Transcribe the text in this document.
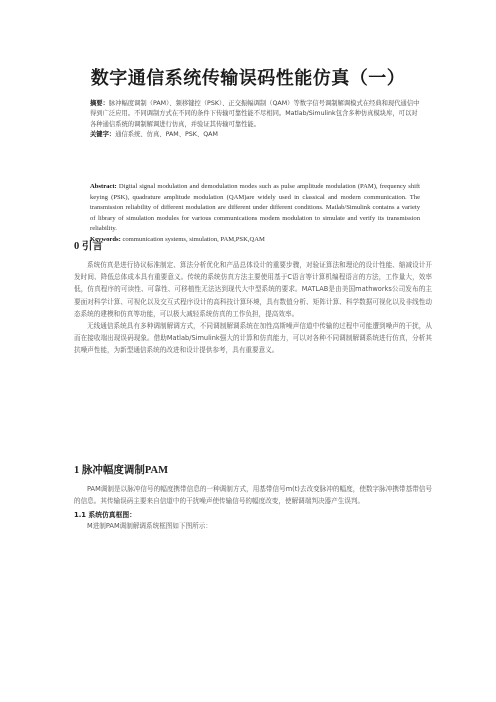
数字通信系统传输误码性能仿真（一）
摘要：脉冲幅度调制（PAM）、频移键控（PSK）、正交振幅调制（QAM）等数字信号调制解调模式在经典和现代通信中得到广泛应用。不同调制方式在不同的条件下传输可靠性能不尽相同。Matlab/Simulink包含多种仿真模块库，可以对各种通信系统的调制解调进行仿真，并验证其传输可靠性能。
关键字：通信系统、仿真、PAM、PSK、QAM
Abstract: Digital signal modulation and demodulation modes such as pulse amplitude modulation (PAM), frequency shift keying (PSK), quadrature amplitude modulation (QAM)are widely used in classical and modern communication. The transmission reliability of different modulation are different under different conditions. Matlab/Simulink contains a variety of library of simulation modules for various communications modem modulation to simulate and verify its transmission reliability.
Keywords: communication systems, simulation, PAM,PSK,QAM
0 引言

系统仿真是进行协议标准制定、算法分析优化和产品总体设计的重要步骤，对验证算法和理论的设计性能、缩减设计开发时间、降低总体成本具有重要意义。传统的系统仿真方法主要使用基于C语言等计算机编程语言的方法，工作量大，效率低，仿真程序的可读性、可靠性、可移植性无法达到现代大中型系统的要求。MATLAB是由美国mathworks公司发布的主要面对科学计算、可视化以及交互式程序设计的高科技计算环境，具有数值分析、矩阵计算、科学数据可视化以及非线性动态系统的建模和仿真等功能，可以极大减轻系统仿真的工作负担，提高效率。

无线通信系统具有多种调制解调方式，不同调制解调系统在加性高斯噪声信道中传输的过程中可能遭到噪声的干扰，从而在接收端出现误码现象。借助Matlab/Simulink强大的计算和仿真能力，可以对各种不同调制解调系统进行仿真，分析其抗噪声性能，为新型通信系统的改进和设计提供参考，具有重要意义。

1 脉冲幅度调制PAM

PAM调制是以脉冲信号的幅度携带信息的一种调制方式，用基带信号m(t)去改变脉冲的幅度，使数字脉冲携带基带信号的信息。其传输误码主要来自信道中的干扰噪声使传输信号的幅度改变，使解调端判决器产生误判。

1.1 系统仿真框图：

M进制PAM调制解调系统框图如下图所示：
